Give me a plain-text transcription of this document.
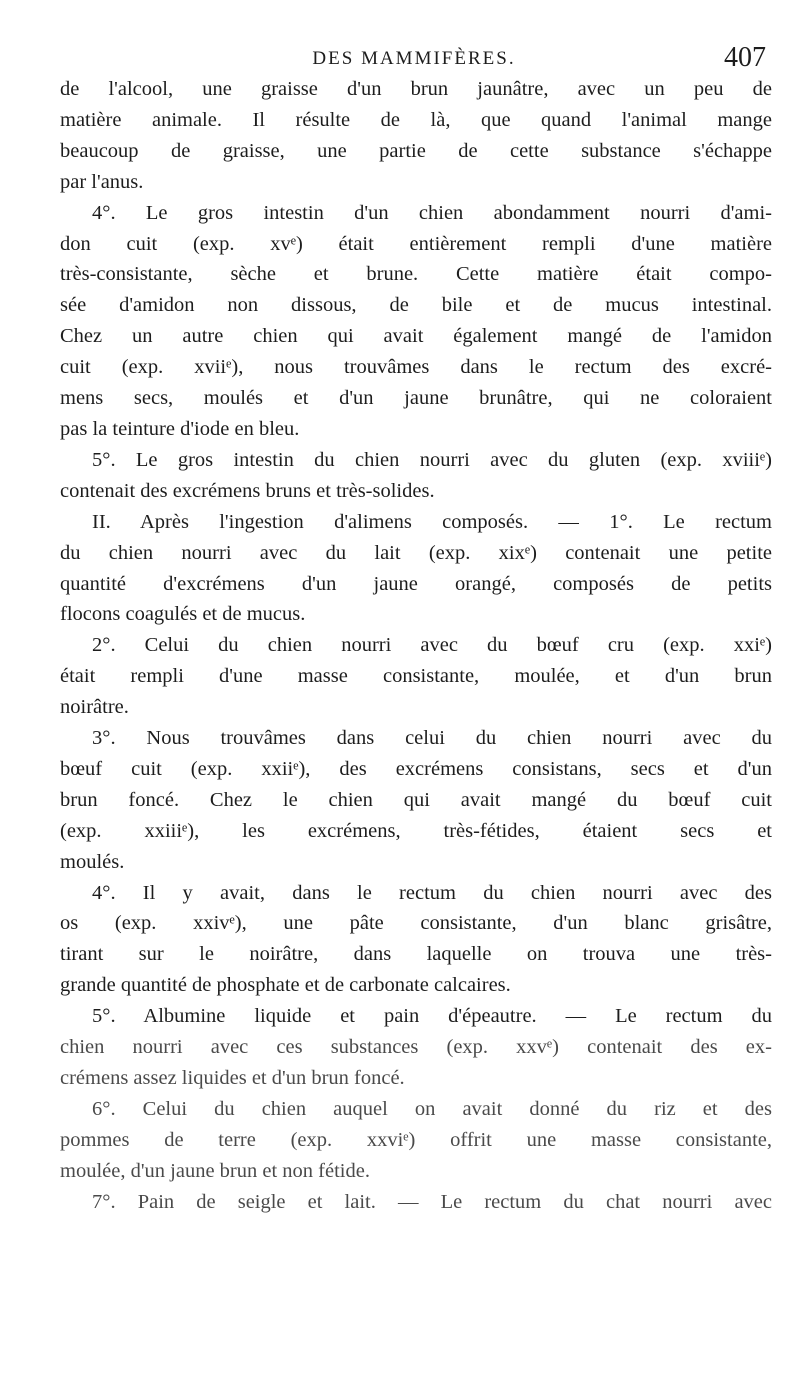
DES MAMMIFÈRES.	407
de l'alcool, une graisse d'un brun jaunâtre, avec un peu de
matière animale. Il résulte de là, que quand l'animal mange
beaucoup de graisse, une partie de cette substance s'échappe
par l'anus.
4°. Le gros intestin d'un chien abondamment nourri d'ami-
don cuit (exp. xvᵉ) était entièrement rempli d'une matière
très-consistante, sèche et brune. Cette matière était compo-
sée d'amidon non dissous, de bile et de mucus intestinal.
Chez un autre chien qui avait également mangé de l'amidon
cuit (exp. xviiᵉ), nous trouvâmes dans le rectum des excré-
mens secs, moulés et d'un jaune brunâtre, qui ne coloraient
pas la teinture d'iode en bleu.
5°. Le gros intestin du chien nourri avec du gluten (exp. xviiiᵉ)
contenait des excrémens bruns et très-solides.
II. Après l'ingestion d'alimens composés. — 1°. Le rectum
du chien nourri avec du lait (exp. xixᵉ) contenait une petite
quantité d'excrémens d'un jaune orangé, composés de petits
flocons coagulés et de mucus.
2°. Celui du chien nourri avec du bœuf cru (exp. xxiᵉ)
était rempli d'une masse consistante, moulée, et d'un brun
noirâtre.
3°. Nous trouvâmes dans celui du chien nourri avec du
bœuf cuit (exp. xxiiᵉ), des excrémens consistans, secs et d'un
brun foncé. Chez le chien qui avait mangé du bœuf cuit
(exp. xxiiiᵉ), les excrémens, très-fétides, étaient secs et
moulés.
4°. Il y avait, dans le rectum du chien nourri avec des
os (exp. xxivᵉ), une pâte consistante, d'un blanc grisâtre,
tirant sur le noirâtre, dans laquelle on trouva une très-
grande quantité de phosphate et de carbonate calcaires.
5°. Albumine liquide et pain d'épeautre. — Le rectum du
chien nourri avec ces substances (exp. xxvᵉ) contenait des ex-
crémens assez liquides et d'un brun foncé.
6°. Celui du chien auquel on avait donné du riz et des
pommes de terre (exp. xxviᵉ) offrit une masse consistante,
moulée, d'un jaune brun et non fétide.
7°. Pain de seigle et lait. — Le rectum du chat nourri avec
